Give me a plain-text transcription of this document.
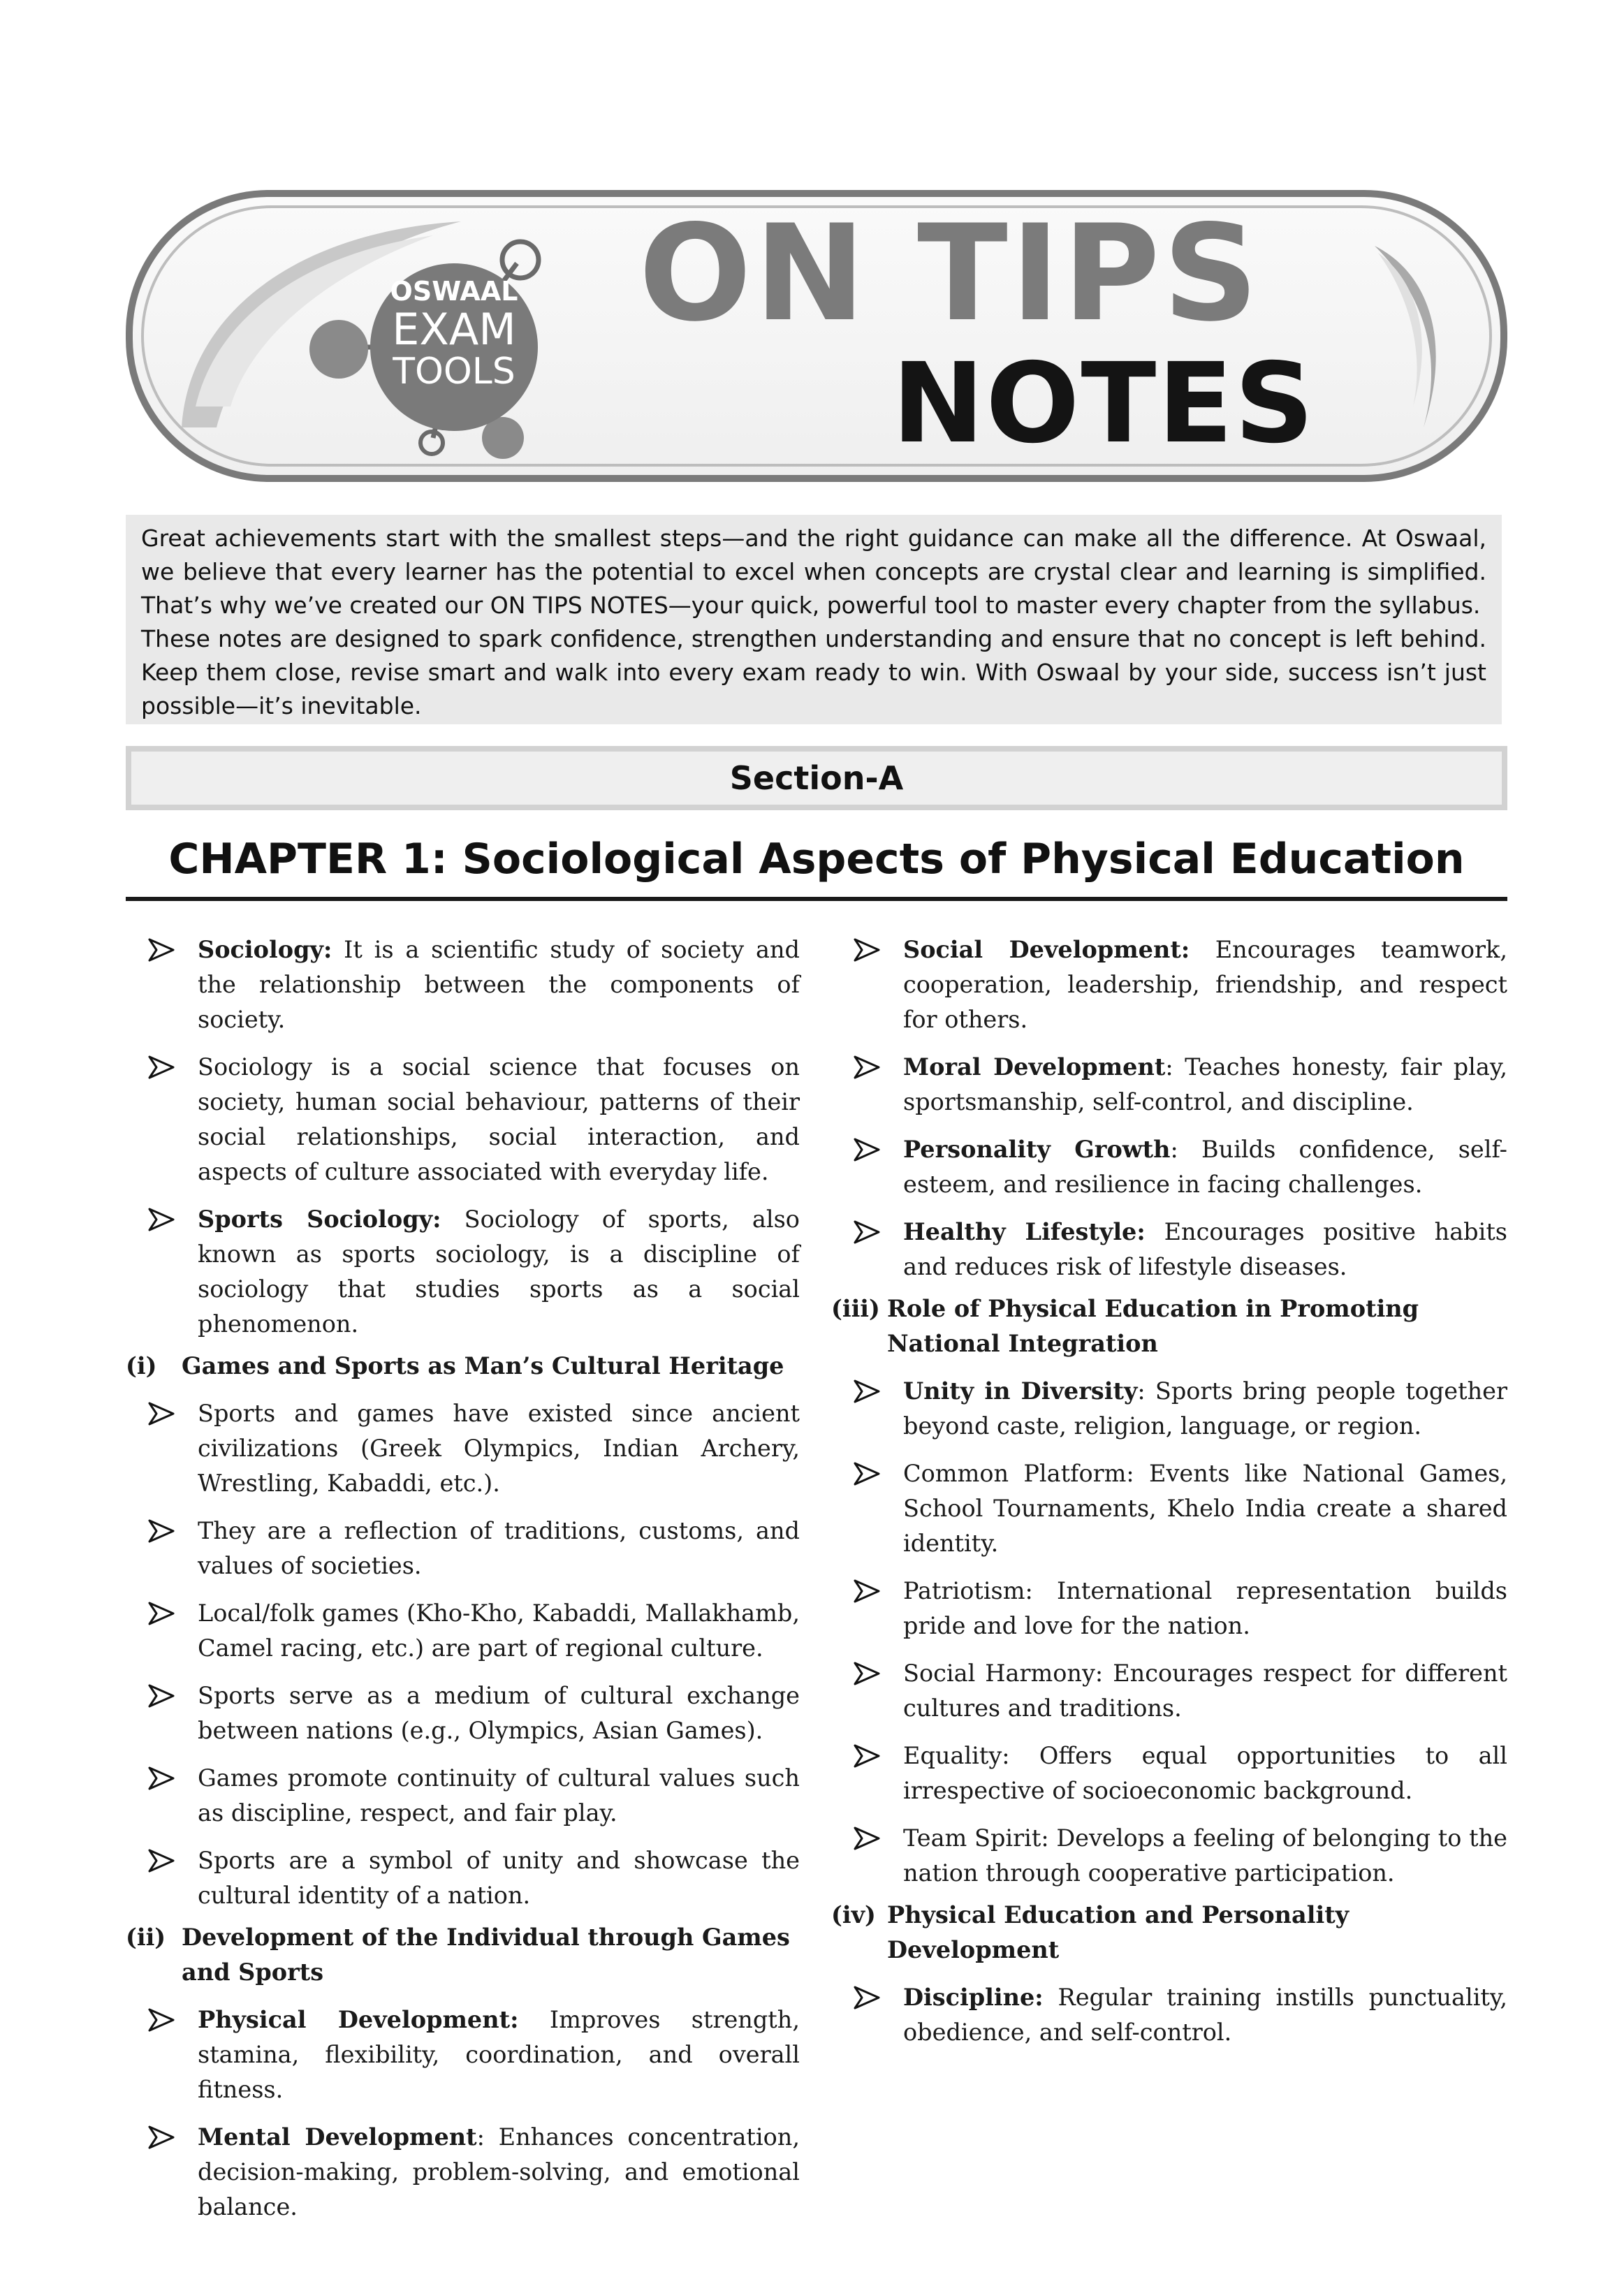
OSWAAL
EXAM
TOOLS
ON TIPS
NOTES

Great achievements start with the smallest steps—and the right guidance can make all the difference. At Oswaal, we believe that every learner has the potential to excel when concepts are crystal clear and learning is simplified. That’s why we’ve created our ON TIPS NOTES—your quick, powerful tool to master every chapter from the syllabus.

These notes are designed to spark confidence, strengthen understanding and ensure that no concept is left behind. Keep them close, revise smart and walk into every exam ready to win. With Oswaal by your side, success isn’t just possible—it’s inevitable.

Section-A
CHAPTER 1: Sociological Aspects of Physical Education
Sociology: It is a scientific study of society and the relationship between the components of society.
Sociology is a social science that focuses on society, human social behaviour, patterns of their social relationships, social interaction, and aspects of culture associated with everyday life.
Sports Sociology: Sociology of sports, also known as sports sociology, is a discipline of sociology that studies sports as a social phenomenon.
(i) Games and Sports as Man’s Cultural Heritage
Sports and games have existed since ancient civilizations (Greek Olympics, Indian Archery, Wrestling, Kabaddi, etc.).
They are a reflection of traditions, customs, and values of societies.
Local/folk games (Kho-Kho, Kabaddi, Mallakhamb, Camel racing, etc.) are part of regional culture.
Sports serve as a medium of cultural exchange between nations (e.g., Olympics, Asian Games).
Games promote continuity of cultural values such as discipline, respect, and fair play.
Sports are a symbol of unity and showcase the cultural identity of a nation.
(ii) Development of the Individual through Games and Sports
Physical Development: Improves strength, stamina, flexibility, coordination, and overall fitness.
Mental Development: Enhances concentration, decision-making, problem-solving, and emotional balance.
Social Development: Encourages teamwork, cooperation, leadership, friendship, and respect for others.
Moral Development: Teaches honesty, fair play, sportsmanship, self-control, and discipline.
Personality Growth: Builds confidence, self-esteem, and resilience in facing challenges.
Healthy Lifestyle: Encourages positive habits and reduces risk of lifestyle diseases.
(iii) Role of Physical Education in Promoting National Integration
Unity in Diversity: Sports bring people together beyond caste, religion, language, or region.
Common Platform: Events like National Games, School Tournaments, Khelo India create a shared identity.
Patriotism: International representation builds pride and love for the nation.
Social Harmony: Encourages respect for different cultures and traditions.
Equality: Offers equal opportunities to all irrespective of socioeconomic background.
Team Spirit: Develops a feeling of belonging to the nation through cooperative participation.
(iv) Physical Education and Personality Development
Discipline: Regular training instills punctuality, obedience, and self-control.
